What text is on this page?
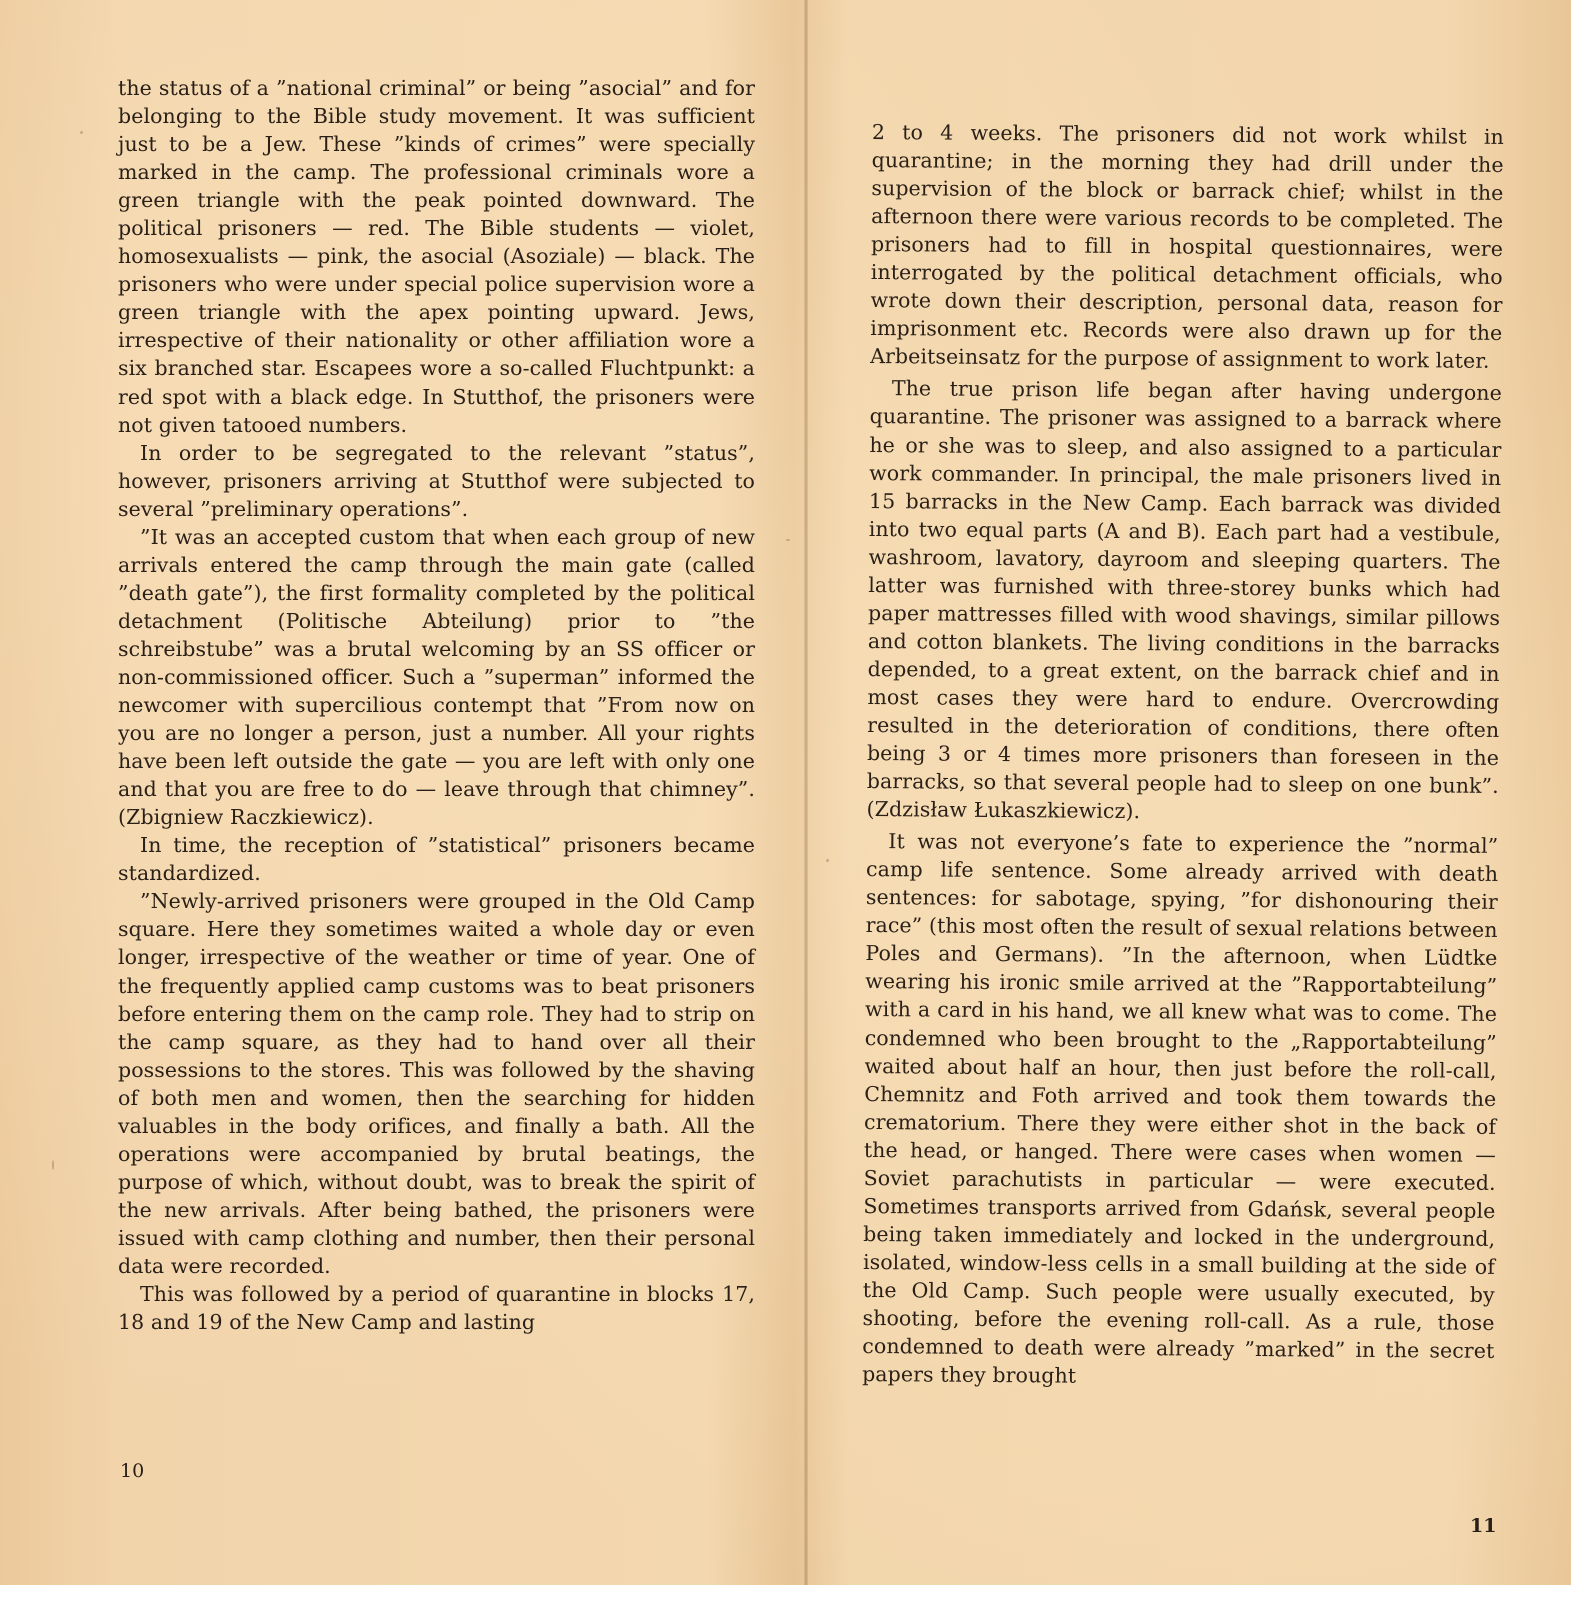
the status of a ”national criminal” or being ”asocial” and for belonging to the Bible study movement. It was sufficient just to be a Jew. These ”kinds of crimes” were specially marked in the camp. The professional criminals wore a green triangle with the peak pointed downward. The political prisoners — red. The Bible students — violet, homosexualists — pink, the asocial (Asoziale) — black. The prisoners who were under special police supervision wore a green triangle with the apex pointing upward. Jews, irrespective of their nationality or other affiliation wore a six branched star. Escapees wore a so-called Fluchtpunkt: a red spot with a black edge. In Stutthof, the prisoners were not given tatooed numbers.

In order to be segregated to the relevant ”status”, however, prisoners arriving at Stutthof were subjected to several ”preliminary operations”.

”It was an accepted custom that when each group of new arrivals entered the camp through the main gate (called ”death gate”), the first formality completed by the political detachment (Politische Abteilung) prior to ”the schreibstube” was a brutal welcoming by an SS officer or non-commissioned officer. Such a ”superman” informed the newcomer with supercilious contempt that ”From now on you are no longer a person, just a number. All your rights have been left outside the gate — you are left with only one and that you are free to do — leave through that chimney”. (Zbigniew Raczkiewicz).

In time, the reception of ”statistical” prisoners became standardized.

”Newly-arrived prisoners were grouped in the Old Camp square. Here they sometimes waited a whole day or even longer, irrespective of the weather or time of year. One of the frequently applied camp customs was to beat prisoners before entering them on the camp role. They had to strip on the camp square, as they had to hand over all their possessions to the stores. This was followed by the shaving of both men and women, then the searching for hidden valuables in the body orifices, and finally a bath. All the operations were accompanied by brutal beatings, the purpose of which, without doubt, was to break the spirit of the new arrivals. After being bathed, the prisoners were issued with camp clothing and number, then their personal data were recorded.

This was followed by a period of quarantine in blocks 17, 18 and 19 of the New Camp and lasting

10

2 to 4 weeks. The prisoners did not work whilst in quarantine; in the morning they had drill under the supervision of the block or barrack chief; whilst in the afternoon there were various records to be completed. The prisoners had to fill in hospital questionnaires, were interrogated by the political detachment officials, who wrote down their description, personal data, reason for imprisonment etc. Records were also drawn up for the Arbeitseinsatz for the purpose of assignment to work later.

The true prison life began after having undergone quarantine. The prisoner was assigned to a barrack where he or she was to sleep, and also assigned to a particular work commander. In principal, the male prisoners lived in 15 barracks in the New Camp. Each barrack was divided into two equal parts (A and B). Each part had a vestibule, washroom, lavatory, dayroom and sleeping quarters. The latter was furnished with three-storey bunks which had paper mattresses filled with wood shavings, similar pillows and cotton blankets. The living conditions in the barracks depended, to a great extent, on the barrack chief and in most cases they were hard to endure. Overcrowding resulted in the deterioration of conditions, there often being 3 or 4 times more prisoners than foreseen in the barracks, so that several people had to sleep on one bunk”. (Zdzisław Łukaszkiewicz).

It was not everyone’s fate to experience the ”normal” camp life sentence. Some already arrived with death sentences: for sabotage, spying, ”for dishonouring their race” (this most often the result of sexual relations between Poles and Germans). ”In the afternoon, when Lüdtke wearing his ironic smile arrived at the ”Rapportabteilung” with a card in his hand, we all knew what was to come. The condemned who been brought to the „Rapportabteilung” waited about half an hour, then just before the roll-call, Chemnitz and Foth arrived and took them towards the crematorium. There they were either shot in the back of the head, or hanged. There were cases when women — Soviet parachutists in particular — were executed. Sometimes transports arrived from Gdańsk, several people being taken immediately and locked in the underground, isolated, window-less cells in a small building at the side of the Old Camp. Such people were usually executed, by shooting, before the evening roll-call. As a rule, those condemned to death were already ”marked” in the secret papers they brought

11
